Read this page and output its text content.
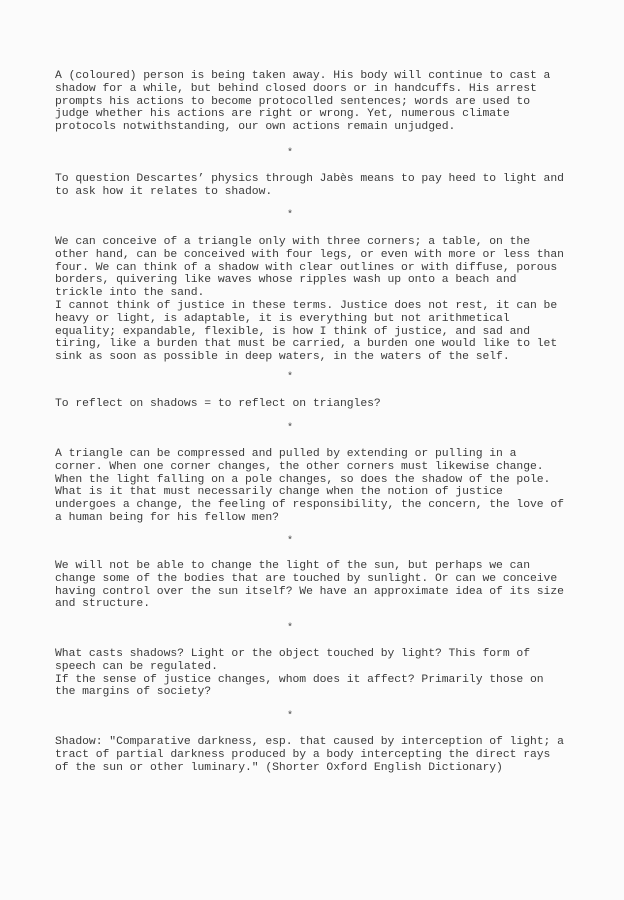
A (coloured) person is being taken away. His body will continue to cast a
shadow for a while, but behind closed doors or in handcuffs. His arrest
prompts his actions to become protocolled sentences; words are used to
judge whether his actions are right or wrong. Yet, numerous climate
protocols notwithstanding, our own actions remain unjudged.

*

To question Descartes’ physics through Jabès means to pay heed to light and
to ask how it relates to shadow.

*

We can conceive of a triangle only with three corners; a table, on the
other hand, can be conceived with four legs, or even with more or less than
four. We can think of a shadow with clear outlines or with diffuse, porous
borders, quivering like waves whose ripples wash up onto a beach and
trickle into the sand.
I cannot think of justice in these terms. Justice does not rest, it can be
heavy or light, is adaptable, it is everything but not arithmetical
equality; expandable, flexible, is how I think of justice, and sad and
tiring, like a burden that must be carried, a burden one would like to let
sink as soon as possible in deep waters, in the waters of the self.

*

To reflect on shadows = to reflect on triangles?

*

A triangle can be compressed and pulled by extending or pulling in a
corner. When one corner changes, the other corners must likewise change.
When the light falling on a pole changes, so does the shadow of the pole.
What is it that must necessarily change when the notion of justice
undergoes a change, the feeling of responsibility, the concern, the love of
a human being for his fellow men?

*

We will not be able to change the light of the sun, but perhaps we can
change some of the bodies that are touched by sunlight. Or can we conceive
having control over the sun itself? We have an approximate idea of its size
and structure.

*

What casts shadows? Light or the object touched by light? This form of
speech can be regulated.
If the sense of justice changes, whom does it affect? Primarily those on
the margins of society?

*

Shadow: "Comparative darkness, esp. that caused by interception of light; a
tract of partial darkness produced by a body intercepting the direct rays
of the sun or other luminary." (Shorter Oxford English Dictionary)
